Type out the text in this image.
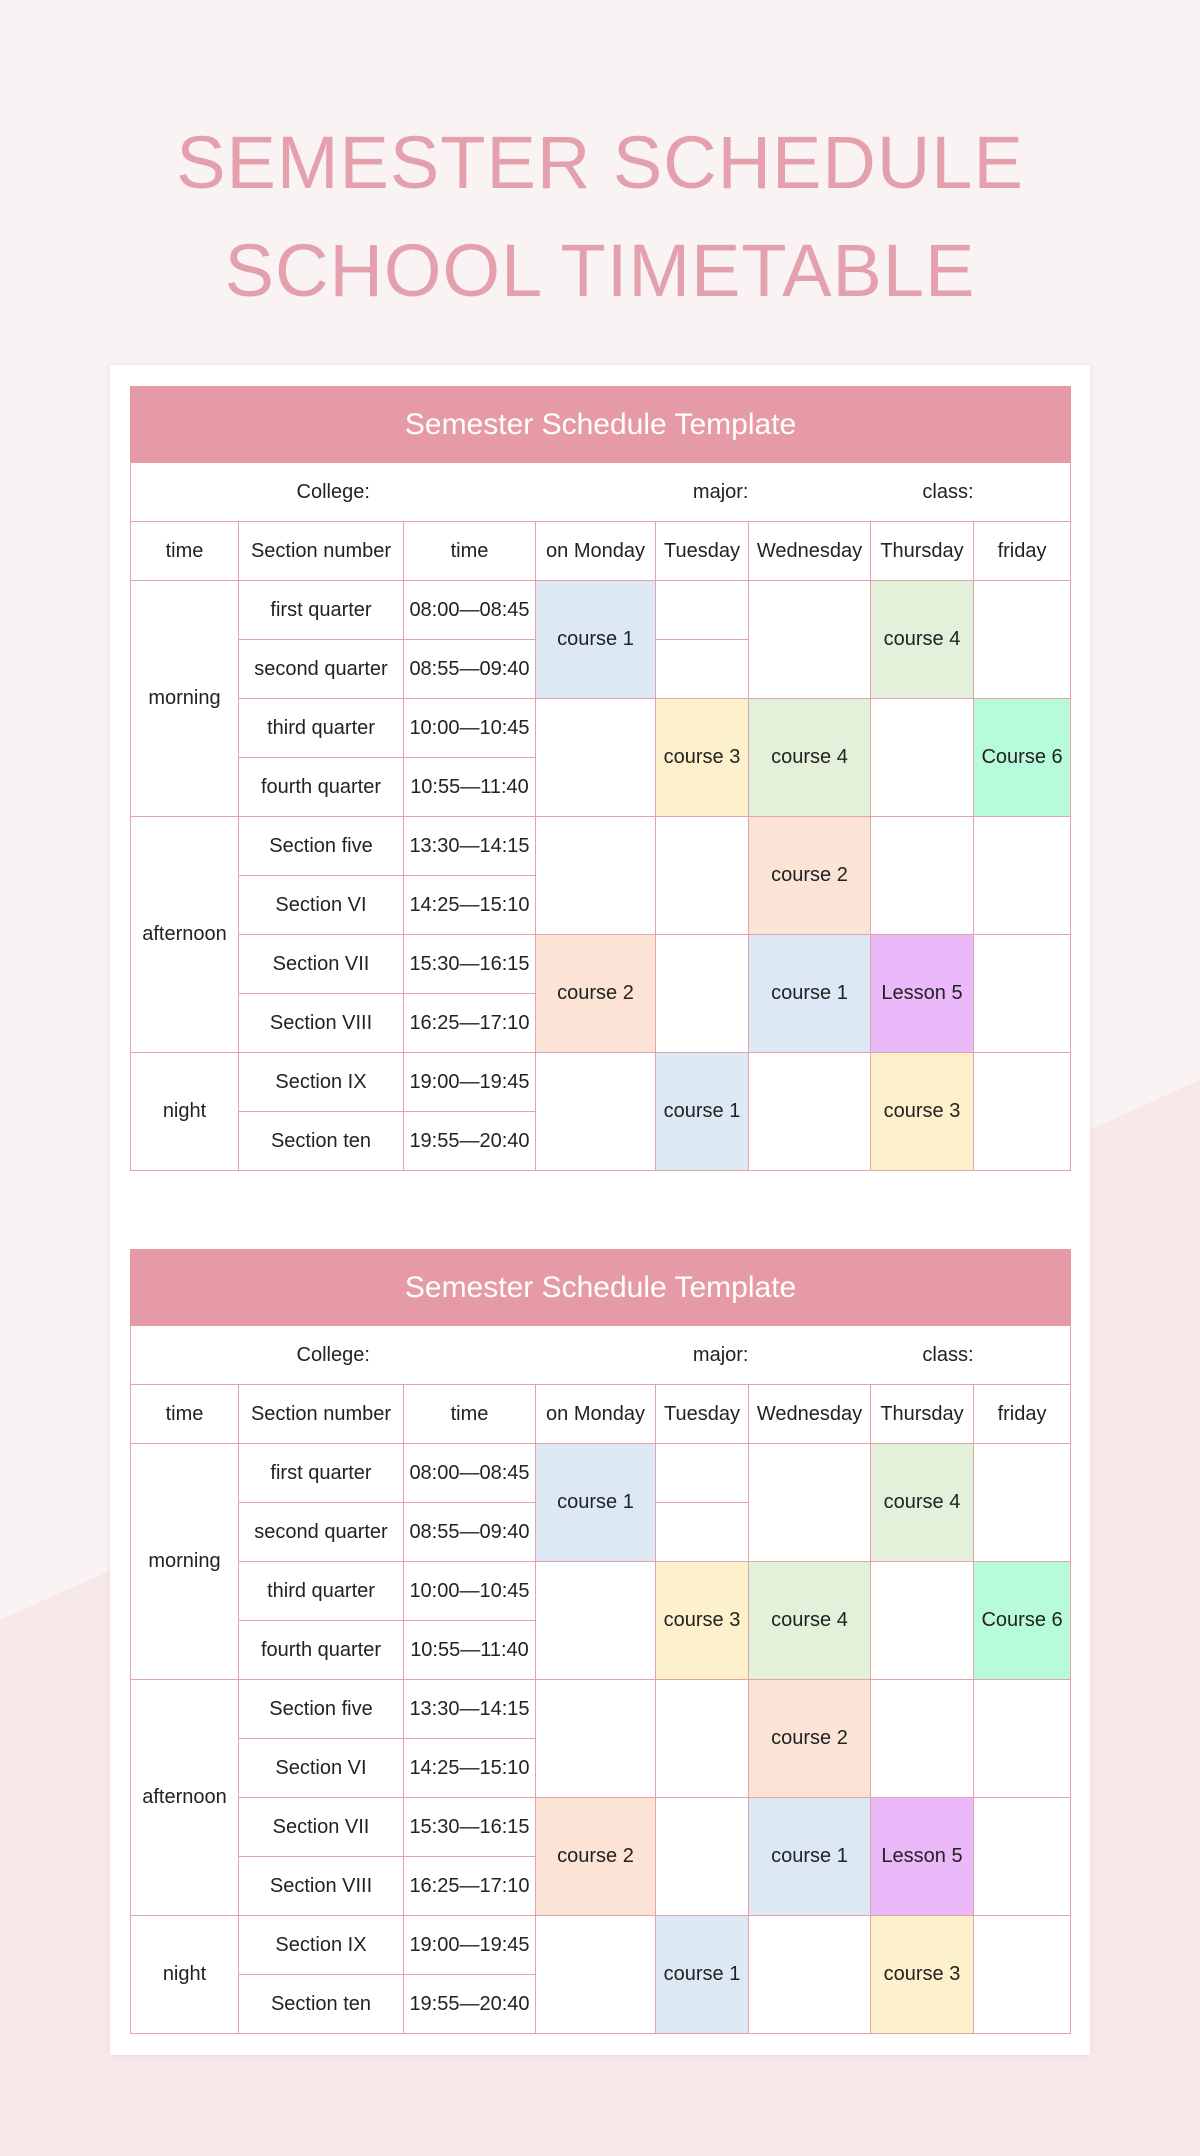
SEMESTER SCHEDULE
SCHOOL TIMETABLE
Semester Schedule Template							
College:			major:		class:		
time	Section number	time	on Monday	Tuesday	Wednesday	Thursday	friday
morning	first quarter	08:00—08:45	course 1			course 4	
	second quarter	08:55—09:40					
	third quarter	10:00—10:45		course 3	course 4		Course 6
	fourth quarter	10:55—11:40					
afternoon	Section five	13:30—14:15			course 2		
	Section VI	14:25—15:10					
	Section VII	15:30—16:15	course 2		course 1	Lesson 5	
	Section VIII	16:25—17:10					
night	Section IX	19:00—19:45		course 1		course 3	
	Section ten	19:55—20:40					
Semester Schedule Template							
College:			major:		class:		
time	Section number	time	on Monday	Tuesday	Wednesday	Thursday	friday
morning	first quarter	08:00—08:45	course 1			course 4	
	second quarter	08:55—09:40					
	third quarter	10:00—10:45		course 3	course 4		Course 6
	fourth quarter	10:55—11:40					
afternoon	Section five	13:30—14:15			course 2		
	Section VI	14:25—15:10					
	Section VII	15:30—16:15	course 2		course 1	Lesson 5	
	Section VIII	16:25—17:10					
night	Section IX	19:00—19:45		course 1		course 3	
	Section ten	19:55—20:40					
